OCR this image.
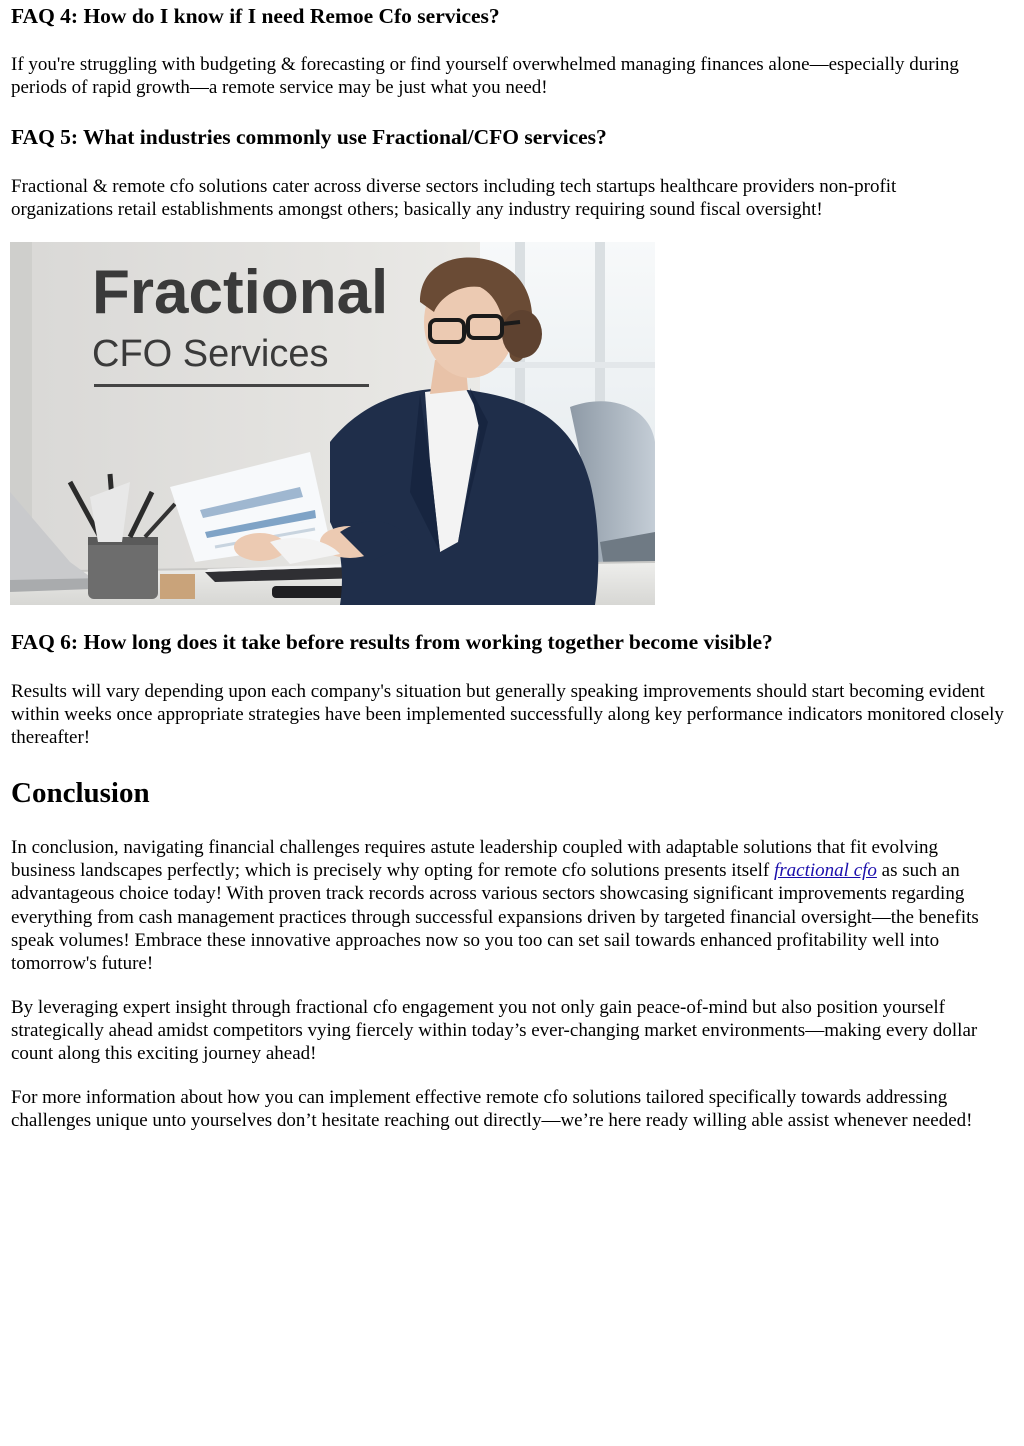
FAQ 4: How do I know if I need Remoe Cfo services?

If you're struggling with budgeting & forecasting or find yourself overwhelmed managing finances alone—especially during periods of rapid growth—a remote service may be just what you need!

FAQ 5: What industries commonly use Fractional/CFO services?

Fractional & remote cfo solutions cater across diverse sectors including tech startups healthcare providers non-profit organizations retail establishments amongst others; basically any industry requiring sound fiscal oversight!

Fractional
CFO Services
FAQ 6: How long does it take before results from working together become visible?

Results will vary depending upon each company's situation but generally speaking improvements should start becoming evident within weeks once appropriate strategies have been implemented successfully along key performance indicators monitored closely thereafter!

Conclusion

In conclusion, navigating financial challenges requires astute leadership coupled with adaptable solutions that fit evolving business landscapes perfectly; which is precisely why opting for remote cfo solutions presents itself fractional cfo as such an advantageous choice today! With proven track records across various sectors showcasing significant improvements regarding everything from cash management practices through successful expansions driven by targeted financial oversight—the benefits speak volumes! Embrace these innovative approaches now so you too can set sail towards enhanced profitability well into tomorrow's future!

By leveraging expert insight through fractional cfo engagement you not only gain peace-of-mind but also position yourself strategically ahead amidst competitors vying fiercely within today’s ever-changing market environments—making every dollar count along this exciting journey ahead!

For more information about how you can implement effective remote cfo solutions tailored specifically towards addressing challenges unique unto yourselves don’t hesitate reaching out directly—we’re here ready willing able assist whenever needed!
